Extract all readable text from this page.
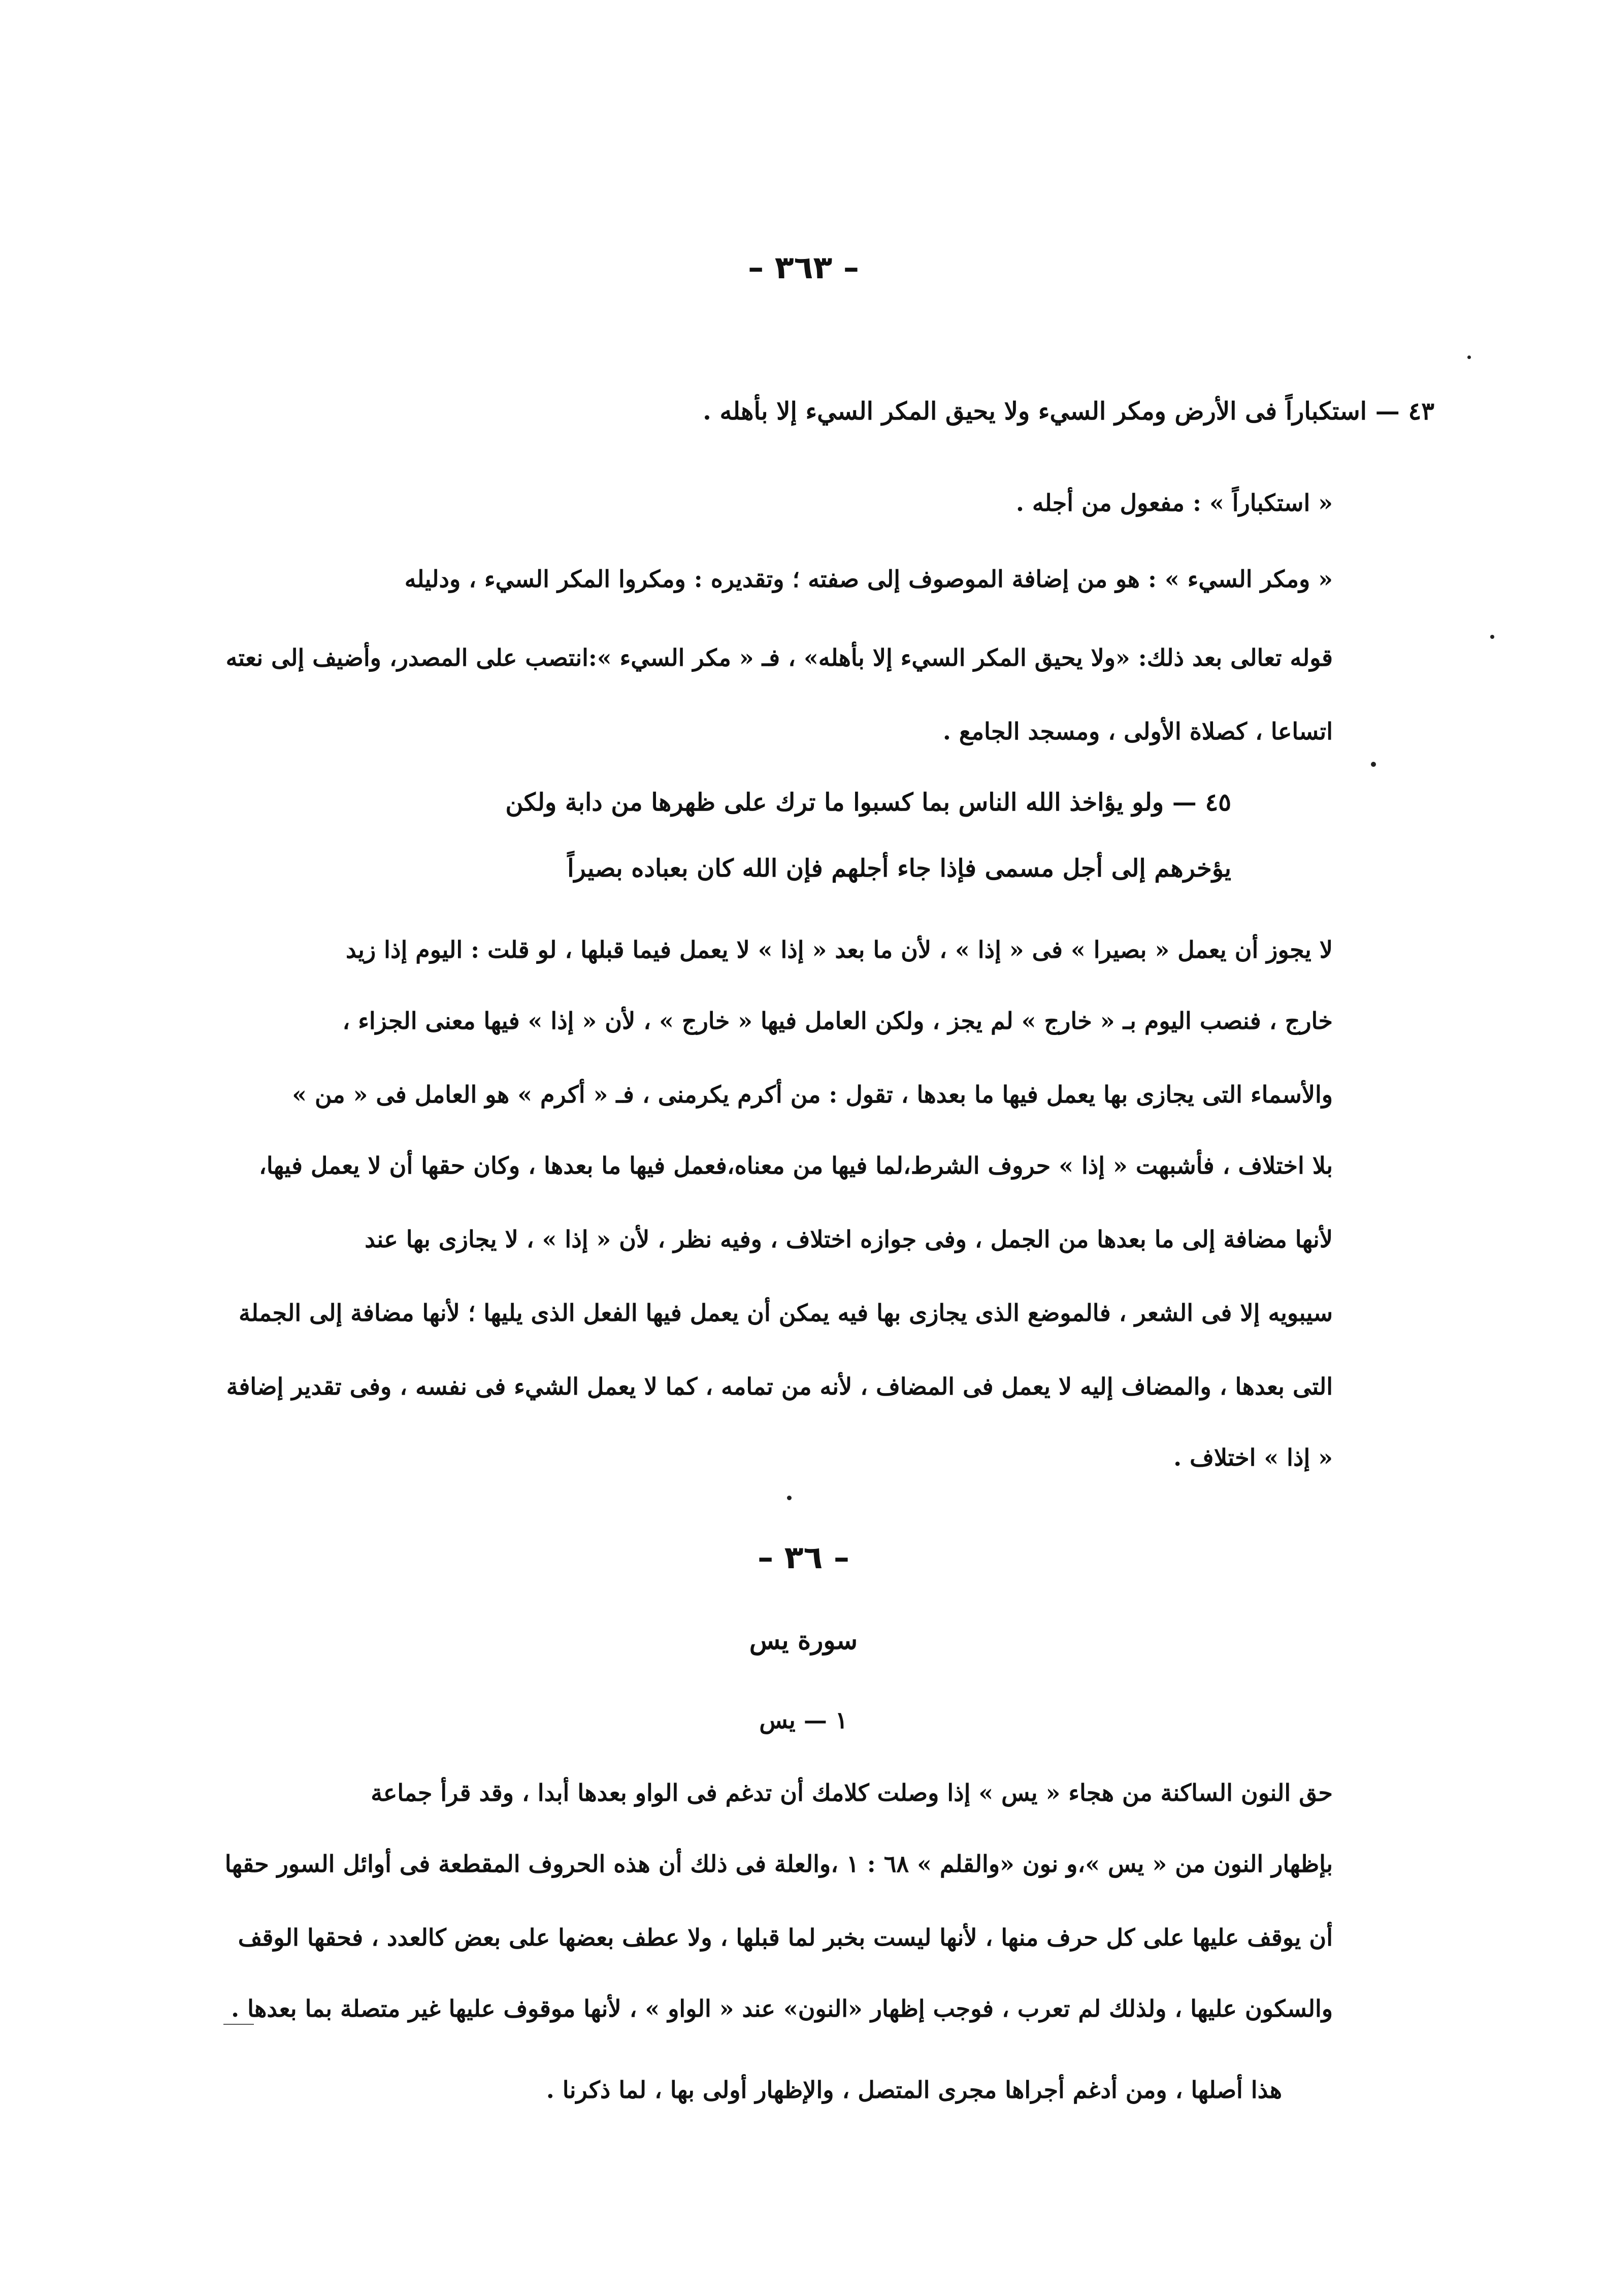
– ٣٦٣ –
٤٣ — استكباراً فى الأرض ومكر السيء ولا يحيق المكر السيء إلا بأهله .
« استكباراً » : مفعول من أجله .
« ومكر السيء » : هو من إضافة الموصوف إلى صفته ؛ وتقديره : ومكروا المكر السيء ، ودليله
قوله تعالى بعد ذلك: «ولا يحيق المكر السيء إلا بأهله» ، فـ « مكر السيء »:انتصب على المصدر، وأضيف إلى نعته
اتساعا ، كصلاة الأولى ، ومسجد الجامع .
٤٥ — ولو يؤاخذ الله الناس بما كسبوا ما ترك على ظهرها من دابة ولكن
يؤخرهم إلى أجل مسمى فإذا جاء أجلهم فإن الله كان بعباده بصيراً
لا يجوز أن يعمل « بصيرا » فى « إذا » ، لأن ما بعد « إذا » لا يعمل فيما قبلها ، لو قلت : اليوم إذا زيد
خارج ، فنصب اليوم بـ « خارج » لم يجز ، ولكن العامل فيها « خارج » ، لأن « إذا » فيها معنى الجزاء ،
والأسماء التى يجازى بها يعمل فيها ما بعدها ، تقول : من أكرم يكرمنى ، فـ « أكرم » هو العامل فى « من »
بلا اختلاف ، فأشبهت « إذا » حروف الشرط،لما فيها من معناه،فعمل فيها ما بعدها ، وكان حقها أن لا يعمل فيها،
لأنها مضافة إلى ما بعدها من الجمل ، وفى جوازه اختلاف ، وفيه نظر ، لأن « إذا » ، لا يجازى بها عند
سيبويه إلا فى الشعر ، فالموضع الذى يجازى بها فيه يمكن أن يعمل فيها الفعل الذى يليها ؛ لأنها مضافة إلى الجملة
التى بعدها ، والمضاف إليه لا يعمل فى المضاف ، لأنه من تمامه ، كما لا يعمل الشيء فى نفسه ، وفى تقدير إضافة
« إذا » اختلاف .
– ٣٦ –
سورة يس
١ — يس
حق النون الساكنة من هجاء « يس » إذا وصلت كلامك أن تدغم فى الواو بعدها أبدا ، وقد قرأ جماعة
بإظهار النون من « يس »،و نون «والقلم » ٦٨ : ١ ،والعلة فى ذلك أن هذه الحروف المقطعة فى أوائل السور حقها
أن يوقف عليها على كل حرف منها ، لأنها ليست بخبر لما قبلها ، ولا عطف بعضها على بعض كالعدد ، فحقها الوقف
والسكون عليها ، ولذلك لم تعرب ، فوجب إظهار «النون» عند « الواو » ، لأنها موقوف عليها غير متصلة بما بعدها .
هذا أصلها ، ومن أدغم أجراها مجرى المتصل ، والإظهار أولى بها ، لما ذكرنا .
